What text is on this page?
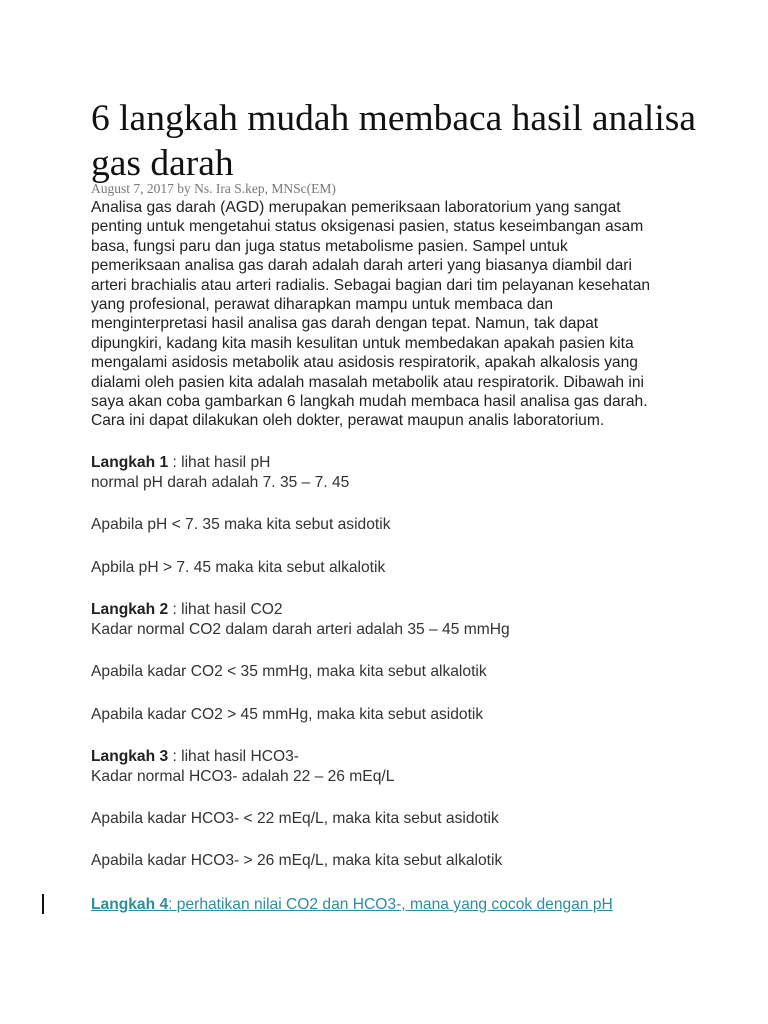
6 langkah mudah membaca hasil analisa gas darah
August 7, 2017 by Ns. Ira S.kep, MNSc(EM)

Analisa gas darah (AGD) merupakan pemeriksaan laboratorium yang sangat
penting untuk mengetahui status oksigenasi pasien, status keseimbangan asam
basa, fungsi paru dan juga status metabolisme pasien. Sampel untuk
pemeriksaan analisa gas darah adalah darah arteri yang biasanya diambil dari
arteri brachialis atau arteri radialis. Sebagai bagian dari tim pelayanan kesehatan
yang profesional, perawat diharapkan mampu untuk membaca dan
menginterpretasi hasil analisa gas darah dengan tepat. Namun, tak dapat
dipungkiri, kadang kita masih kesulitan untuk membedakan apakah pasien kita
mengalami asidosis metabolik atau asidosis respiratorik, apakah alkalosis yang
dialami oleh pasien kita adalah masalah metabolik atau respiratorik. Dibawah ini
saya akan coba gambarkan 6 langkah mudah membaca hasil analisa gas darah.
Cara ini dapat dilakukan oleh dokter, perawat maupun analis laboratorium.

Langkah 1 : lihat hasil pH
normal pH darah adalah 7. 35 – 7. 45
Apabila pH < 7. 35 maka kita sebut asidotik
Apbila pH > 7. 45 maka kita sebut alkalotik
Langkah 2 : lihat hasil CO2
Kadar normal CO2 dalam darah arteri adalah 35 – 45 mmHg
Apabila kadar CO2 < 35 mmHg, maka kita sebut alkalotik
Apabila kadar CO2 > 45 mmHg, maka kita sebut asidotik
Langkah 3 : lihat hasil HCO3-
Kadar normal HCO3- adalah 22 – 26 mEq/L
Apabila kadar HCO3- < 22 mEq/L, maka kita sebut asidotik
Apabila kadar HCO3- > 26 mEq/L, maka kita sebut alkalotik
Langkah 4: perhatikan nilai CO2 dan HCO3-, mana yang cocok dengan pH
